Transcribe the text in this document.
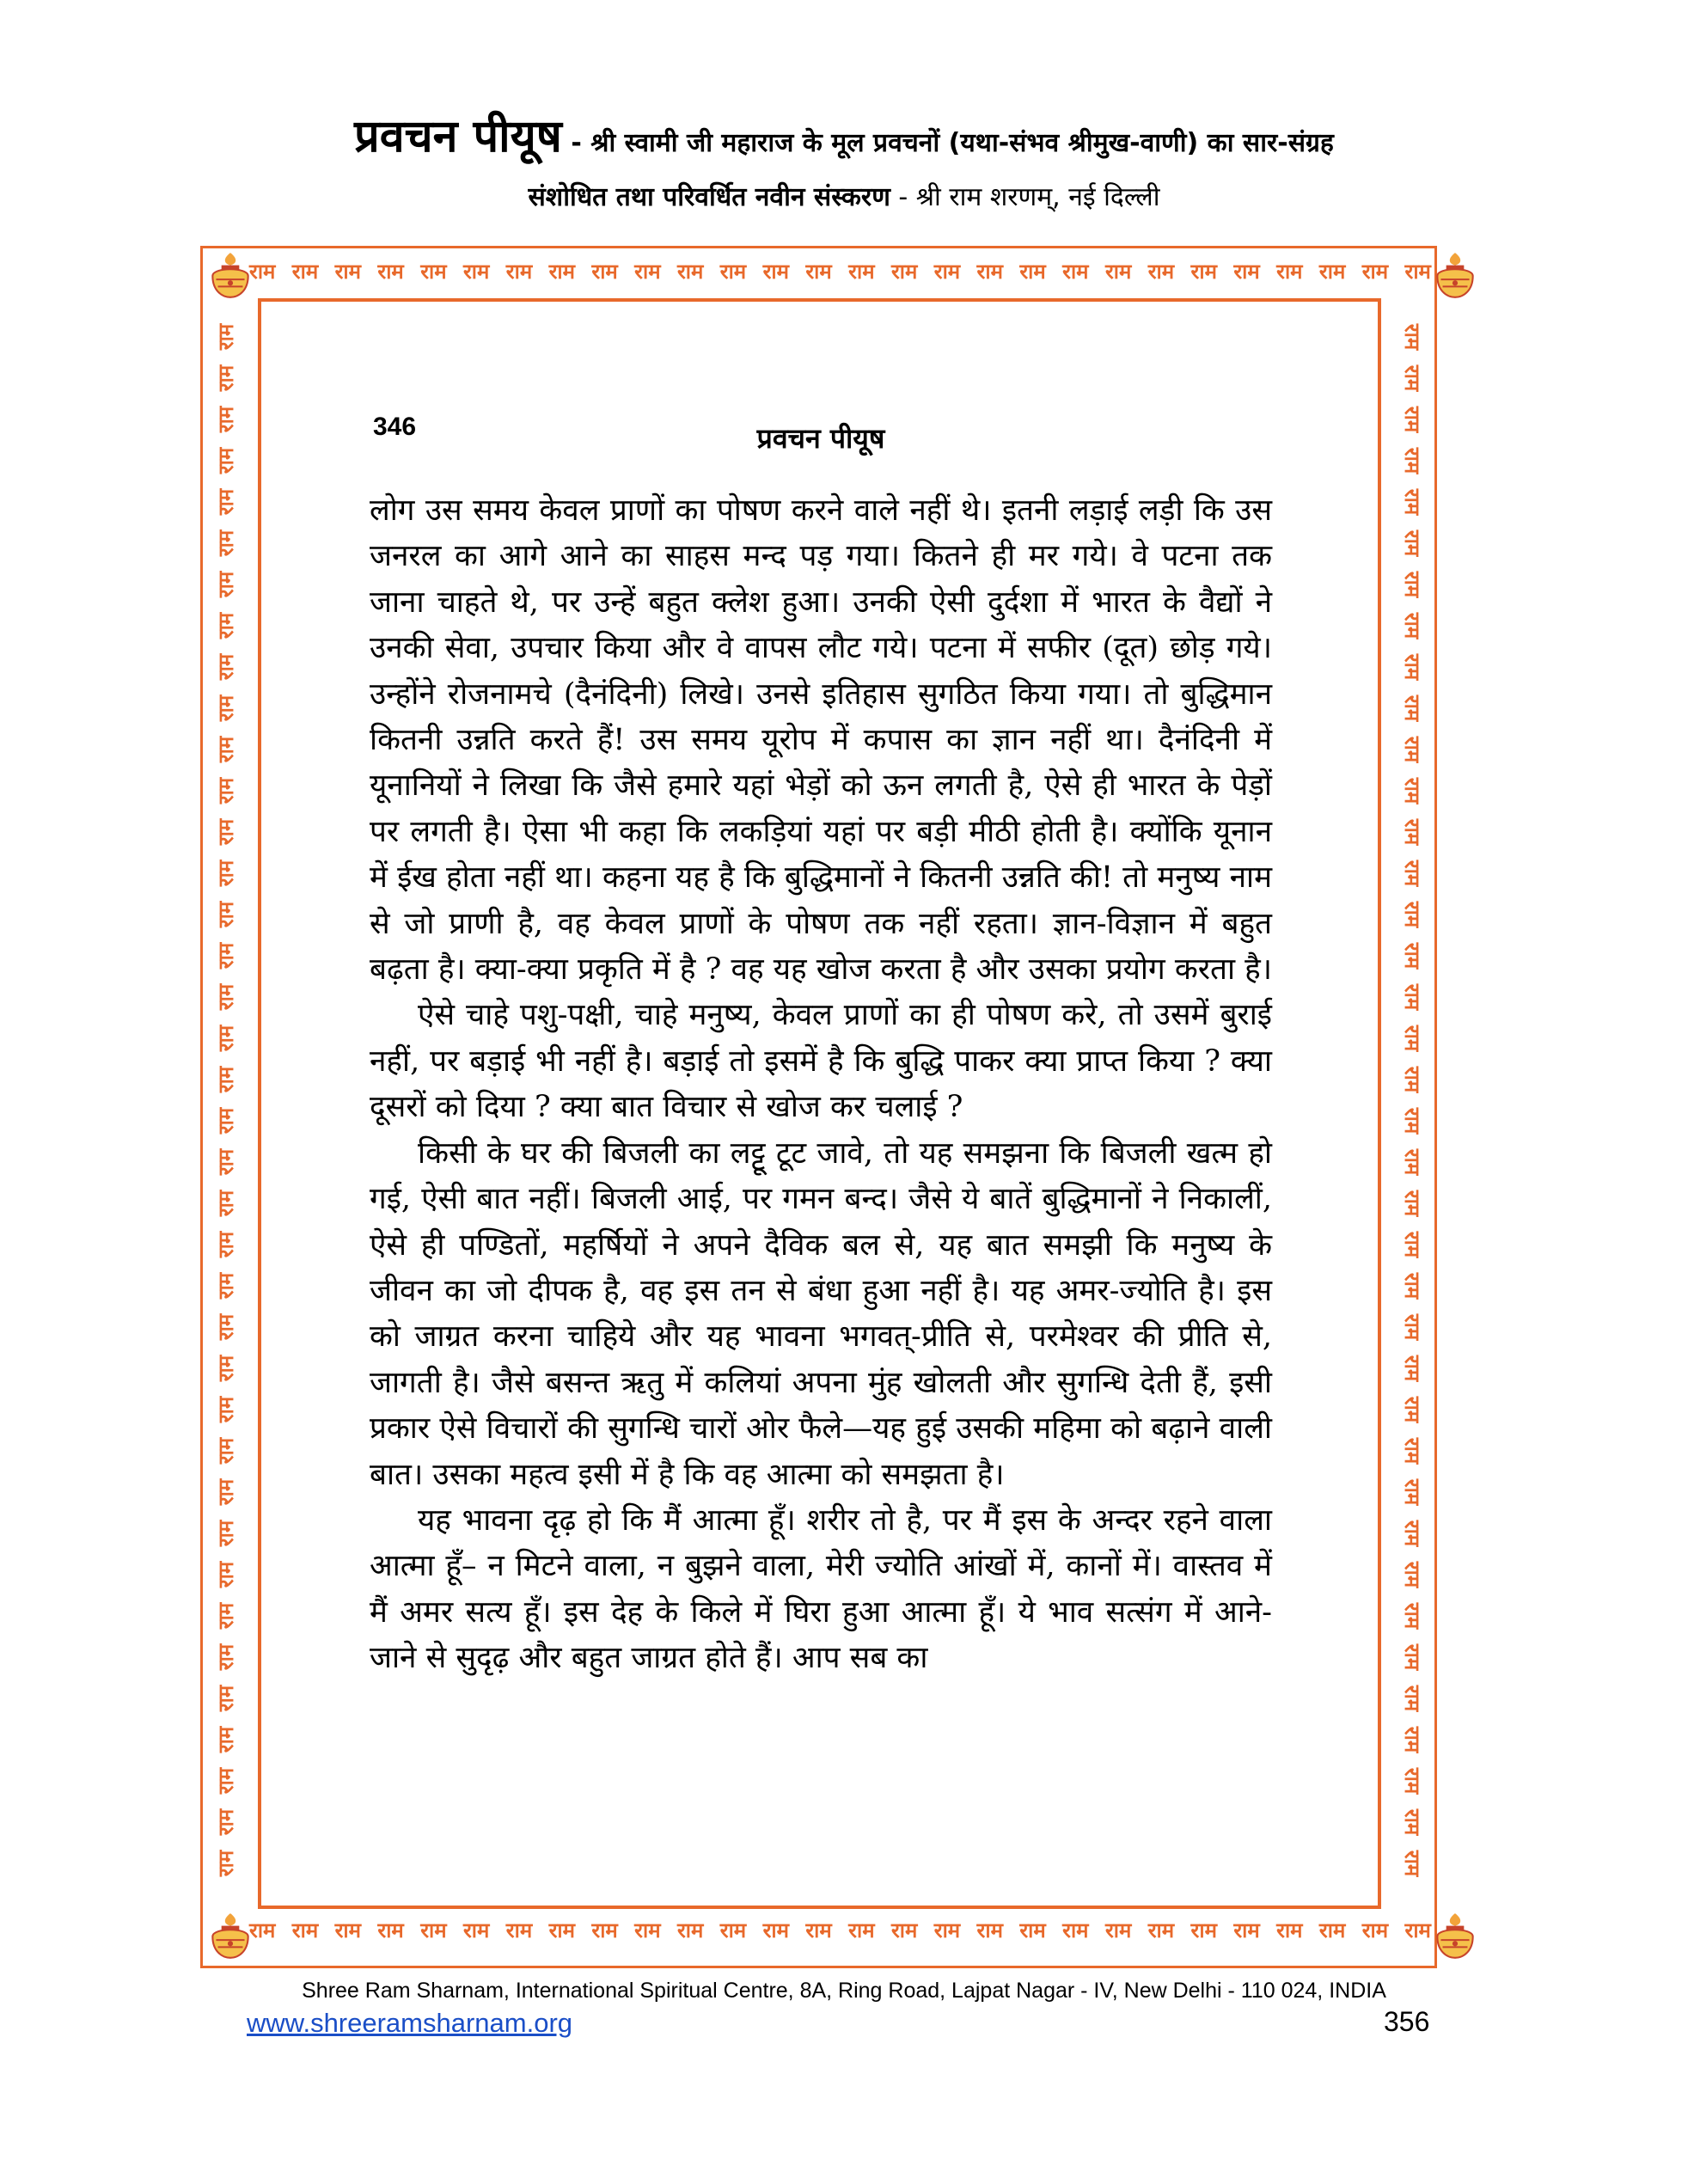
प्रवचन पीयूष - श्री स्वामी जी महाराज के मूल प्रवचनों (यथा-संभव श्रीमुख-वाणी) का सार-संग्रह
संशोधित तथा परिवर्धित नवीन संस्करण - श्री राम शरणम्, नई दिल्ली
राम राम राम राम राम राम राम राम राम राम राम राम राम राम राम राम राम राम राम राम राम राम राम राम राम राम राम राम
राम राम राम राम राम राम राम राम राम राम राम राम राम राम राम राम राम राम राम राम राम राम राम राम राम राम राम राम
राम
राम
राम
राम
राम
राम
राम
राम
राम
राम
राम
राम
राम
राम
राम
राम
राम
राम
राम
राम
राम
राम
राम
राम
राम
राम
राम
राम
राम
राम
राम
राम
राम
राम
राम
राम
राम
राम
राम
राम
राम
राम
राम
राम
राम
राम
राम
राम
राम
राम
राम
राम
राम
राम
राम
राम
राम
राम
राम
राम
राम
राम
राम
राम
राम
राम
राम
राम
राम
राम
राम
राम
राम
राम
राम
राम
346	प्रवचन पीयूष

लोग उस समय केवल प्राणों का पोषण करने वाले नहीं थे। इतनी लड़ाई लड़ी कि उस जनरल का आगे आने का साहस मन्द पड़ गया। कितने ही मर गये। वे पटना तक जाना चाहते थे, पर उन्हें बहुत क्लेश हुआ। उनकी ऐसी दुर्दशा में भारत के वैद्यों ने उनकी सेवा, उपचार किया और वे वापस लौट गये। पटना में सफीर (दूत) छोड़ गये। उन्होंने रोजनामचे (दैनंदिनी) लिखे। उनसे इतिहास सुगठित किया गया। तो बुद्धिमान कितनी उन्नति करते हैं! उस समय यूरोप में कपास का ज्ञान नहीं था। दैनंदिनी में यूनानियों ने लिखा कि जैसे हमारे यहां भेड़ों को ऊन लगती है, ऐसे ही भारत के पेड़ों पर लगती है। ऐसा भी कहा कि लकड़ियां यहां पर बड़ी मीठी होती है। क्योंकि यूनान में ईख होता नहीं था। कहना यह है कि बुद्धिमानों ने कितनी उन्नति की! तो मनुष्य नाम से जो प्राणी है, वह केवल प्राणों के पोषण तक नहीं रहता। ज्ञान-विज्ञान में बहुत बढ़ता है। क्या-क्या प्रकृति में है ? वह यह खोज करता है और उसका प्रयोग करता है।

ऐसे चाहे पशु-पक्षी, चाहे मनुष्य, केवल प्राणों का ही पोषण करे, तो उसमें बुराई नहीं, पर बड़ाई भी नहीं है। बड़ाई तो इसमें है कि बुद्धि पाकर क्या प्राप्त किया ? क्या दूसरों को दिया ? क्या बात विचार से खोज कर चलाई ?

किसी के घर की बिजली का लट्टू टूट जावे, तो यह समझना कि बिजली खत्म हो गई, ऐसी बात नहीं। बिजली आई, पर गमन बन्द। जैसे ये बातें बुद्धिमानों ने निकालीं, ऐसे ही पण्डितों, महर्षियों ने अपने दैविक बल से, यह बात समझी कि मनुष्य के जीवन का जो दीपक है, वह इस तन से बंधा हुआ नहीं है। यह अमर-ज्योति है। इस को जाग्रत करना चाहिये और यह भावना भगवत्-प्रीति से, परमेश्वर की प्रीति से, जागती है। जैसे बसन्त ऋतु में कलियां अपना मुंह खोलती और सुगन्धि देती हैं, इसी प्रकार ऐसे विचारों की सुगन्धि चारों ओर फैले—यह हुई उसकी महिमा को बढ़ाने वाली बात। उसका महत्व इसी में है कि वह आत्मा को समझता है।

यह भावना दृढ़ हो कि मैं आत्मा हूँ। शरीर तो है, पर मैं इस के अन्दर रहने वाला आत्मा हूँ– न मिटने वाला, न बुझने वाला, मेरी ज्योति आंखों में, कानों में। वास्तव में मैं अमर सत्य हूँ। इस देह के किले में घिरा हुआ आत्मा हूँ। ये भाव सत्संग में आने-जाने से सुदृढ़ और बहुत जाग्रत होते हैं। आप सब का

Shree Ram Sharnam, International Spiritual Centre, 8A, Ring Road, Lajpat Nagar - IV, New Delhi - 110 024, INDIA
www.shreeramsharnam.org	356
